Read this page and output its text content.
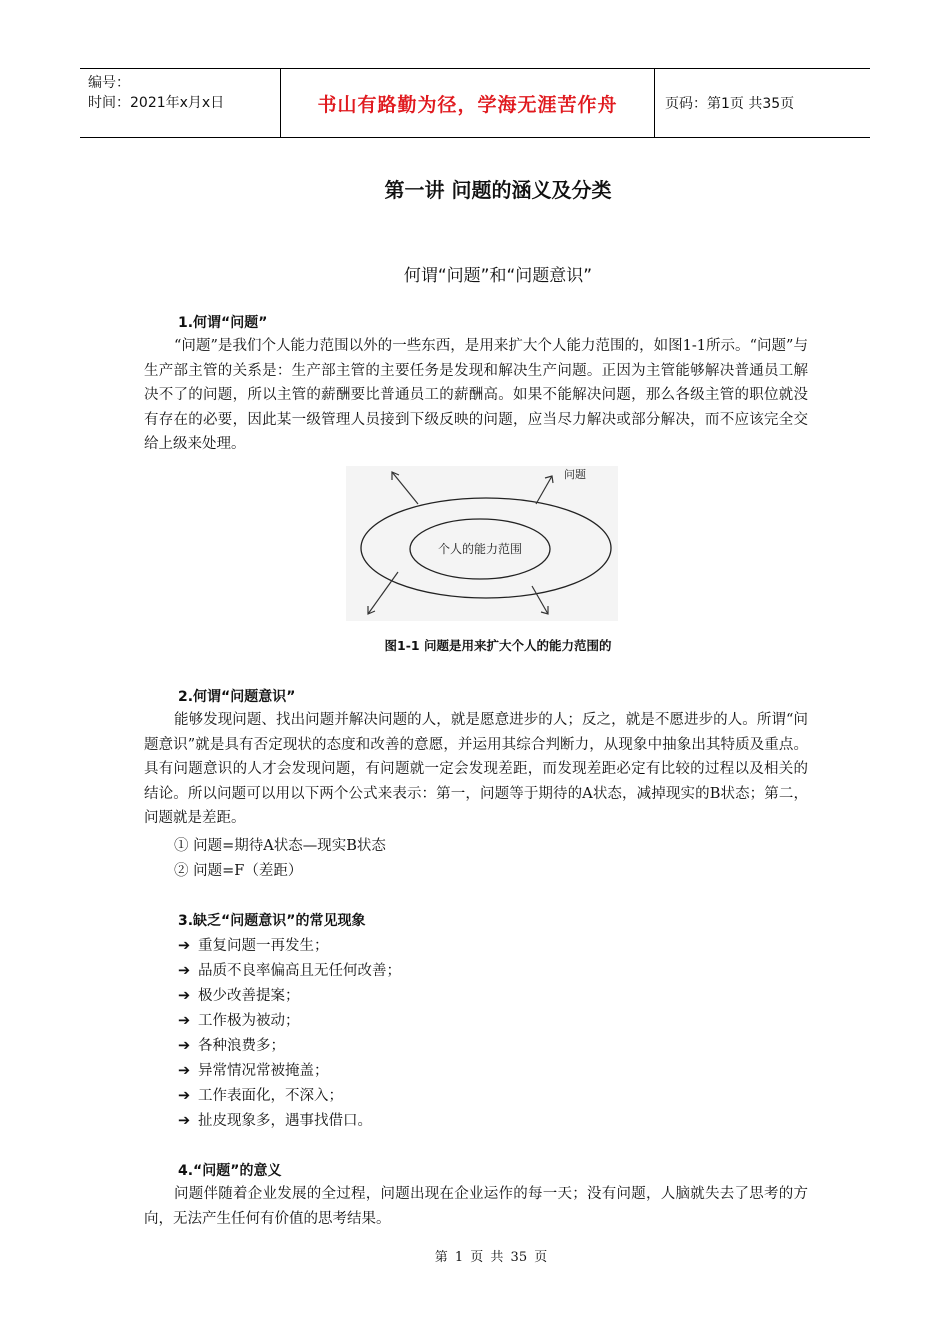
编号：
时间：2021年x月x日	书山有路勤为径，学海无涯苦作舟	页码：第1页 共35页
第一讲 问题的涵义及分类
何谓“问题”和“问题意识”
1.何谓“问题”
“问题”是我们个人能力范围以外的一些东西，是用来扩大个人能力范围的，如图1-1所示。“问题”与生产部主管的关系是：生产部主管的主要任务是发现和解决生产问题。正因为主管能够解决普通员工解决不了的问题，所以主管的薪酬要比普通员工的薪酬高。如果不能解决问题，那么各级主管的职位就没有存在的必要，因此某一级管理人员接到下级反映的问题，应当尽力解决或部分解决，而不应该完全交给上级来处理。
问题
个人的能力范围
图1-1 问题是用来扩大个人的能力范围的
2.何谓“问题意识”
能够发现问题、找出问题并解决问题的人，就是愿意进步的人；反之，就是不愿进步的人。所谓“问题意识”就是具有否定现状的态度和改善的意愿，并运用其综合判断力，从现象中抽象出其特质及重点。具有问题意识的人才会发现问题，有问题就一定会发现差距，而发现差距必定有比较的过程以及相关的结论。所以问题可以用以下两个公式来表示：第一，问题等于期待的A状态，减掉现实的B状态；第二，问题就是差距。
① 问题=期待A状态—现实B状态
② 问题=F（差距）
3.缺乏“问题意识”的常见现象
➔ 重复问题一再发生；
➔ 品质不良率偏高且无任何改善；
➔ 极少改善提案；
➔ 工作极为被动；
➔ 各种浪费多；
➔ 异常情况常被掩盖；
➔ 工作表面化，不深入；
➔ 扯皮现象多，遇事找借口。
4.“问题”的意义
问题伴随着企业发展的全过程，问题出现在企业运作的每一天；没有问题，人脑就失去了思考的方向，无法产生任何有价值的思考结果。
第 1 页 共 35 页
